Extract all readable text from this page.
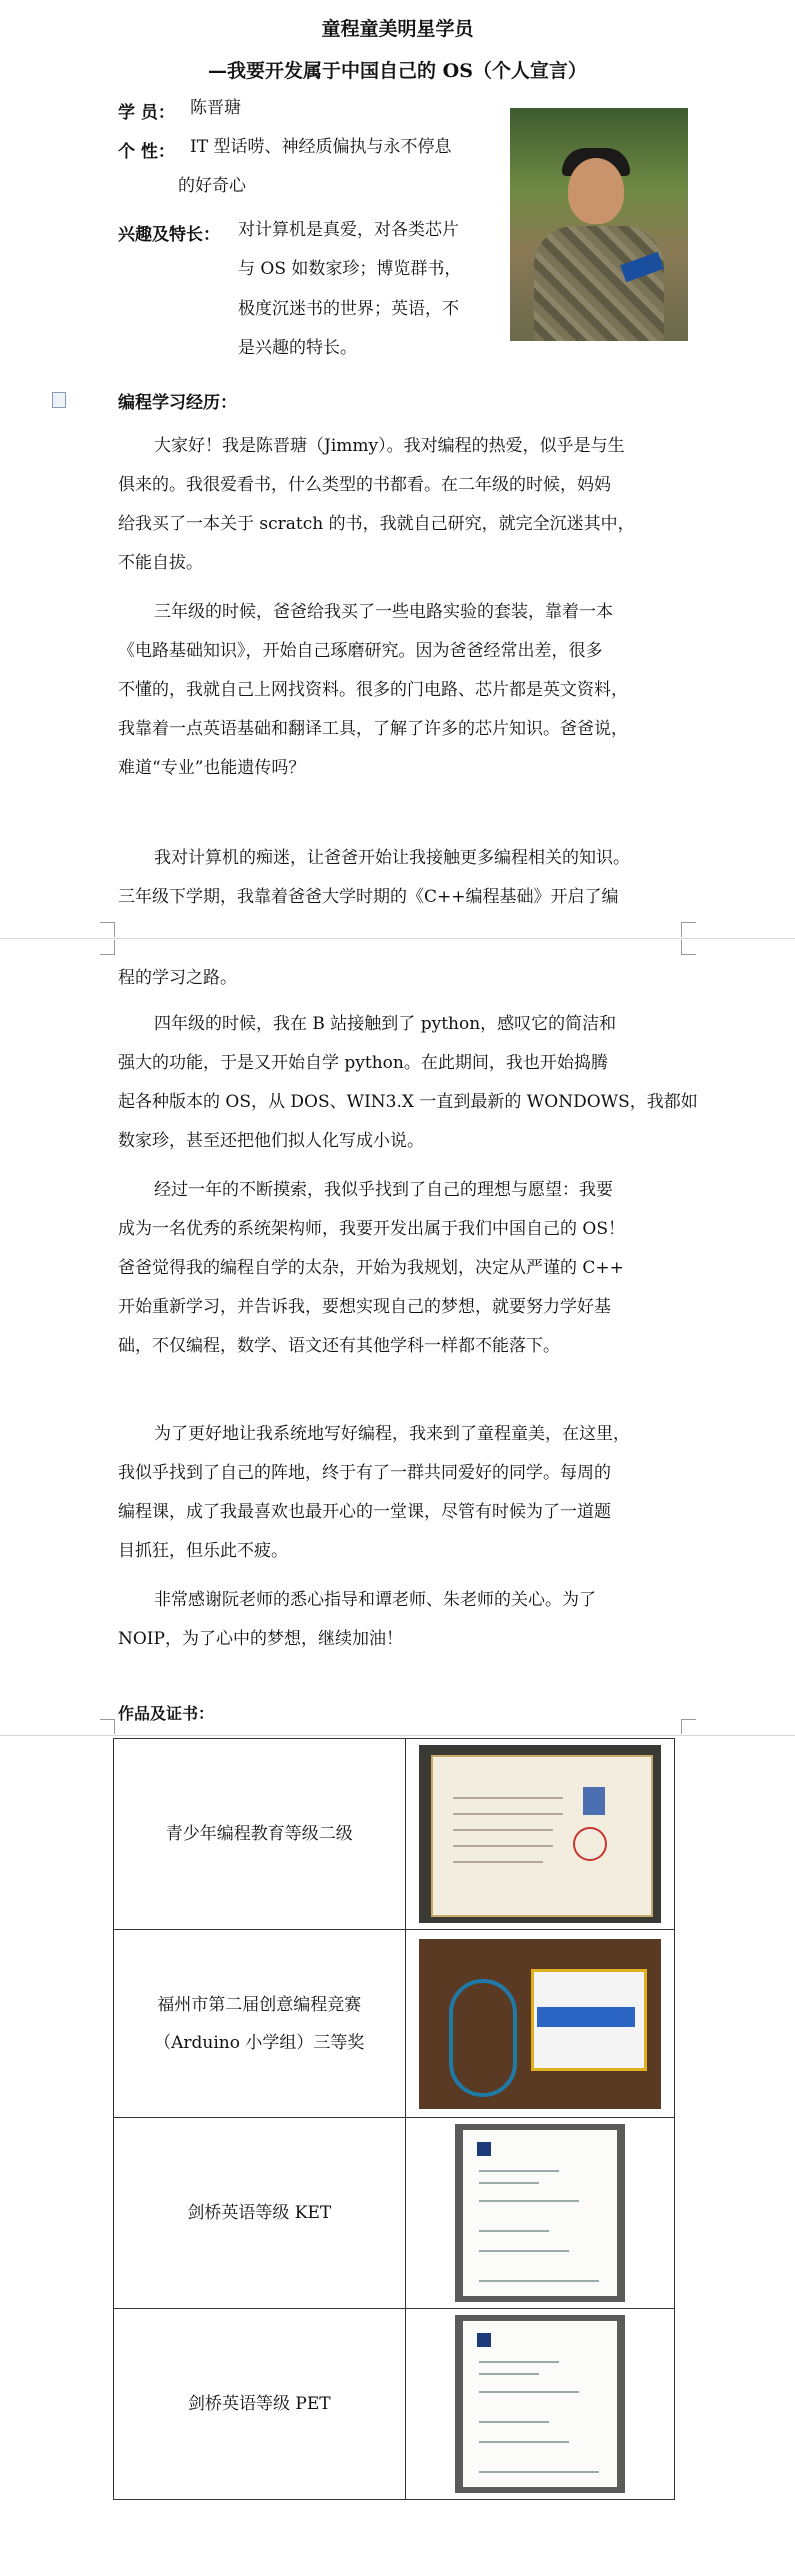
童程童美明星学员
—我要开发属于中国自己的 OS（个人宣言）
学 员： 陈晋瑭
个 性： IT 型话唠、神经质偏执与永不停息
的好奇心
兴趣及特长： 对计算机是真爱，对各类芯片
与 OS 如数家珍；博览群书，
极度沉迷书的世界；英语，不
是兴趣的特长。
编程学习经历：
大家好！我是陈晋瑭（Jimmy）。我对编程的热爱，似乎是与生
俱来的。我很爱看书，什么类型的书都看。在二年级的时候，妈妈
给我买了一本关于 scratch 的书，我就自己研究，就完全沉迷其中，
不能自拔。
三年级的时候，爸爸给我买了一些电路实验的套装，靠着一本
《电路基础知识》，开始自己琢磨研究。因为爸爸经常出差，很多
不懂的，我就自己上网找资料。很多的门电路、芯片都是英文资料，
我靠着一点英语基础和翻译工具，了解了许多的芯片知识。爸爸说，
难道“专业”也能遗传吗？
我对计算机的痴迷，让爸爸开始让我接触更多编程相关的知识。
三年级下学期，我靠着爸爸大学时期的《C++编程基础》开启了编
程的学习之路。
四年级的时候，我在 B 站接触到了 python，感叹它的简洁和
强大的功能，于是又开始自学 python。在此期间，我也开始捣腾
起各种版本的 OS，从 DOS、WIN3.X 一直到最新的 WONDOWS，我都如
数家珍，甚至还把他们拟人化写成小说。
经过一年的不断摸索，我似乎找到了自己的理想与愿望：我要
成为一名优秀的系统架构师，我要开发出属于我们中国自己的 OS！
爸爸觉得我的编程自学的太杂，开始为我规划，决定从严谨的 C++
开始重新学习，并告诉我，要想实现自己的梦想，就要努力学好基
础，不仅编程，数学、语文还有其他学科一样都不能落下。
为了更好地让我系统地写好编程，我来到了童程童美，在这里，
我似乎找到了自己的阵地，终于有了一群共同爱好的同学。每周的
编程课，成了我最喜欢也最开心的一堂课，尽管有时候为了一道题
目抓狂，但乐此不疲。
非常感谢阮老师的悉心指导和谭老师、朱老师的关心。为了
NOIP，为了心中的梦想，继续加油！
作品及证书：
青少年编程教育等级二级	

福州市第二届创意编程竞赛
（Arduino 小学组）三等奖	

剑桥英语等级 KET	

剑桥英语等级 PET	
